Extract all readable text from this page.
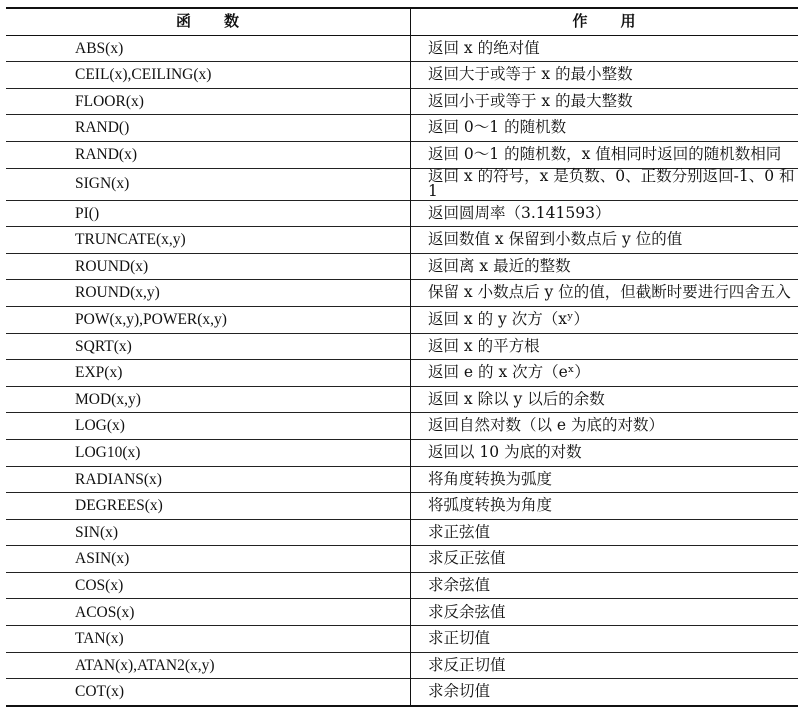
函　　数	作　　用
ABS(x)	返回 x 的绝对值
CEIL(x),CEILING(x)	返回大于或等于 x 的最小整数
FLOOR(x)	返回小于或等于 x 的最大整数
RAND()	返回 0～1 的随机数
RAND(x)	返回 0～1 的随机数，x 值相同时返回的随机数相同
SIGN(x)	返回 x 的符号，x 是负数、0、正数分别返回-1、0 和 1
PI()	返回圆周率（3.141593）
TRUNCATE(x,y)	返回数值 x 保留到小数点后 y 位的值
ROUND(x)	返回离 x 最近的整数
ROUND(x,y)	保留 x 小数点后 y 位的值，但截断时要进行四舍五入
POW(x,y),POWER(x,y)	返回 x 的 y 次方（xʸ）
SQRT(x)	返回 x 的平方根
EXP(x)	返回 e 的 x 次方（eˣ）
MOD(x,y)	返回 x 除以 y 以后的余数
LOG(x)	返回自然对数（以 e 为底的对数）
LOG10(x)	返回以 10 为底的对数
RADIANS(x)	将角度转换为弧度
DEGREES(x)	将弧度转换为角度
SIN(x)	求正弦值
ASIN(x)	求反正弦值
COS(x)	求余弦值
ACOS(x)	求反余弦值
TAN(x)	求正切值
ATAN(x),ATAN2(x,y)	求反正切值
COT(x)	求余切值
